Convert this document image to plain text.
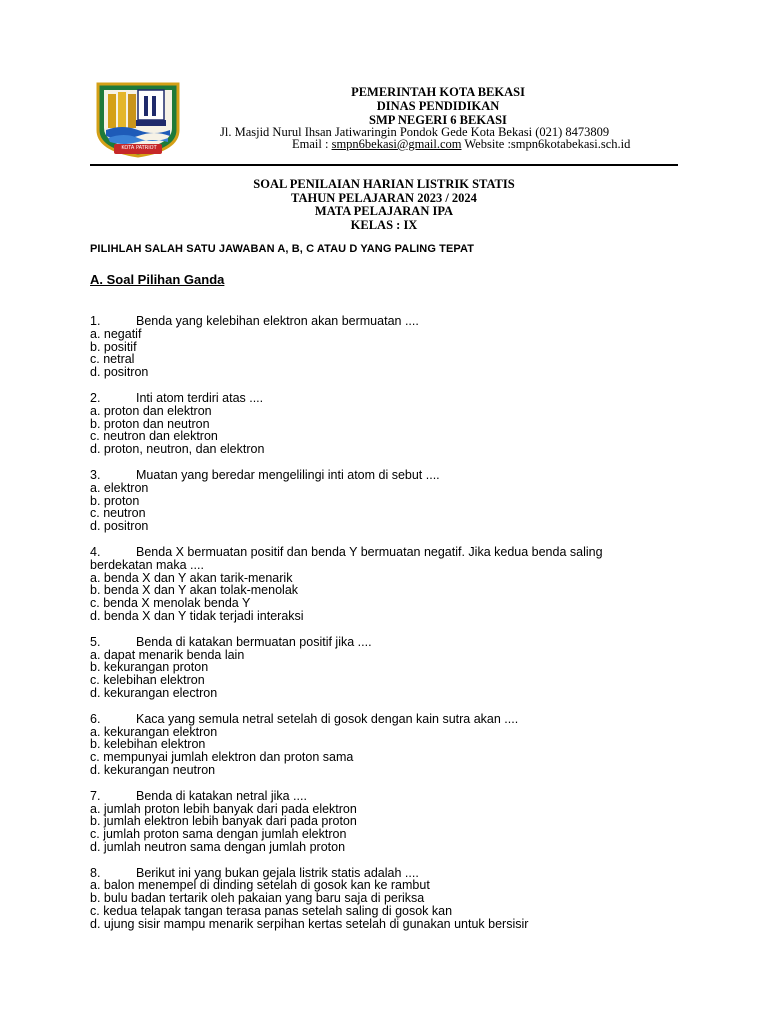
KOTA PATRIOT
PEMERINTAH KOTA BEKASI
DINAS PENDIDIKAN
SMP NEGERI 6 BEKASI
Jl. Masjid Nurul Ihsan Jatiwaringin Pondok Gede Kota Bekasi (021) 8473809
Email : smpn6bekasi@gmail.com Website :smpn6kotabekasi.sch.id
SOAL PENILAIAN HARIAN LISTRIK STATIS
TAHUN PELAJARAN 2023 / 2024
MATA PELAJARAN IPA
KELAS : IX
PILIHLAH SALAH SATU JAWABAN A, B, C ATAU D YANG PALING TEPAT
A. Soal Pilihan Ganda
1.	Benda yang kelebihan elektron akan bermuatan ....
a. negatif
b. positif
c. netral
d. positron
2.	Inti atom terdiri atas ....
a. proton dan elektron
b. proton dan neutron
c. neutron dan elektron
d. proton, neutron, dan elektron
3.	Muatan yang beredar mengelilingi inti atom di sebut ....
a. elektron
b. proton
c. neutron
d. positron
4.	Benda X bermuatan positif dan benda Y bermuatan negatif. Jika kedua benda saling
berdekatan maka ....
a. benda X dan Y akan tarik-menarik
b. benda X dan Y akan tolak-menolak
c. benda X menolak benda Y
d. benda X dan Y tidak terjadi interaksi
5.	Benda di katakan bermuatan positif jika ....
a. dapat menarik benda lain
b. kekurangan proton
c. kelebihan elektron
d. kekurangan electron
6.	Kaca yang semula netral setelah di gosok dengan kain sutra akan ....
a. kekurangan elektron
b. kelebihan elektron
c. mempunyai jumlah elektron dan proton sama
d. kekurangan neutron
7.	Benda di katakan netral jika ....
a. jumlah proton lebih banyak dari pada elektron
b. jumlah elektron lebih banyak dari pada proton
c. jumlah proton sama dengan jumlah elektron
d. jumlah neutron sama dengan jumlah proton
8.	Berikut ini yang bukan gejala listrik statis adalah ....
a. balon menempel di dinding setelah di gosok kan ke rambut
b. bulu badan tertarik oleh pakaian yang baru saja di periksa
c. kedua telapak tangan terasa panas setelah saling di gosok kan
d. ujung sisir mampu menarik serpihan kertas setelah di gunakan untuk bersisir
